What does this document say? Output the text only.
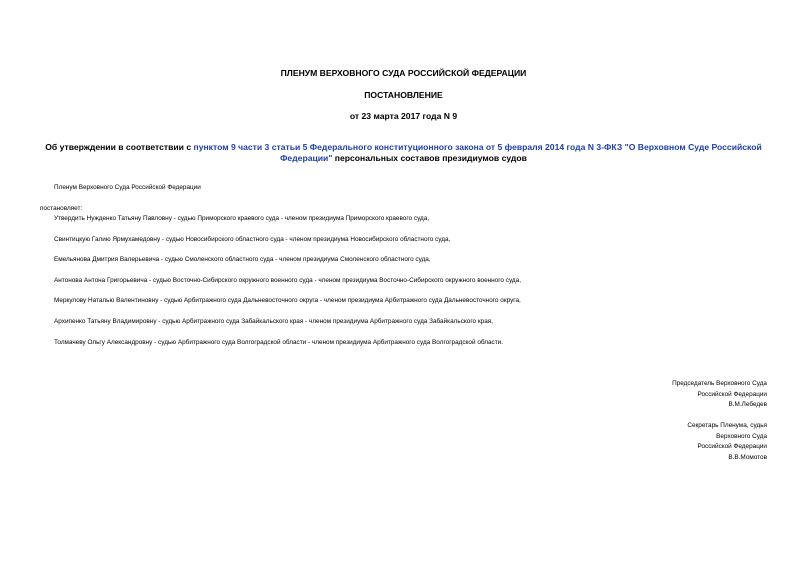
ПЛЕНУМ ВЕРХОВНОГО СУДА РОССИЙСКОЙ ФЕДЕРАЦИИ
ПОСТАНОВЛЕНИЕ
от 23 марта 2017 года N 9
Об утверждении в соответствии с пунктом 9 части 3 статьи 5 Федерального конституционного закона от 5 февраля 2014 года N 3-ФКЗ "О Верховном Суде Российской Федерации" персональных составов президиумов судов
Пленум Верховного Суда Российской Федерации
постановляет:
Утвердить Нужденко Татьяну Павловну - судью Приморского краевого суда - членом президиума Приморского краевого суда,
Свинтицкую Галию Ярмухамедовну - судью Новосибирского областного суда - членом президиума Новосибирского областного суда,
Емельянова Дмитрия Валерьевича - судью Смоленского областного суда - членом президиума Смоленского областного суда,
Антонова Антона Григорьевича - судью Восточно-Сибирского окружного военного суда - членом президиума Восточно-Сибирского окружного военного суда,
Меркулову Наталью Валентиновну - судью Арбитражного суда Дальневосточного округа - членом президиума Арбитражного суда Дальневосточного округа,
Архипенко Татьяну Владимировну - судью Арбитражного суда Забайкальского края - членом президиума Арбитражного суда Забайкальского края,
Толмачеву Ольгу Александровну - судью Арбитражного суда Волгоградской области - членом президиума Арбитражного суда Волгоградской области.
Председатель Верховного Суда
Российской Федерации
В.М.Лебедев
Секретарь Пленума, судья
Верховного Суда
Российской Федерации
В.В.Момотов
